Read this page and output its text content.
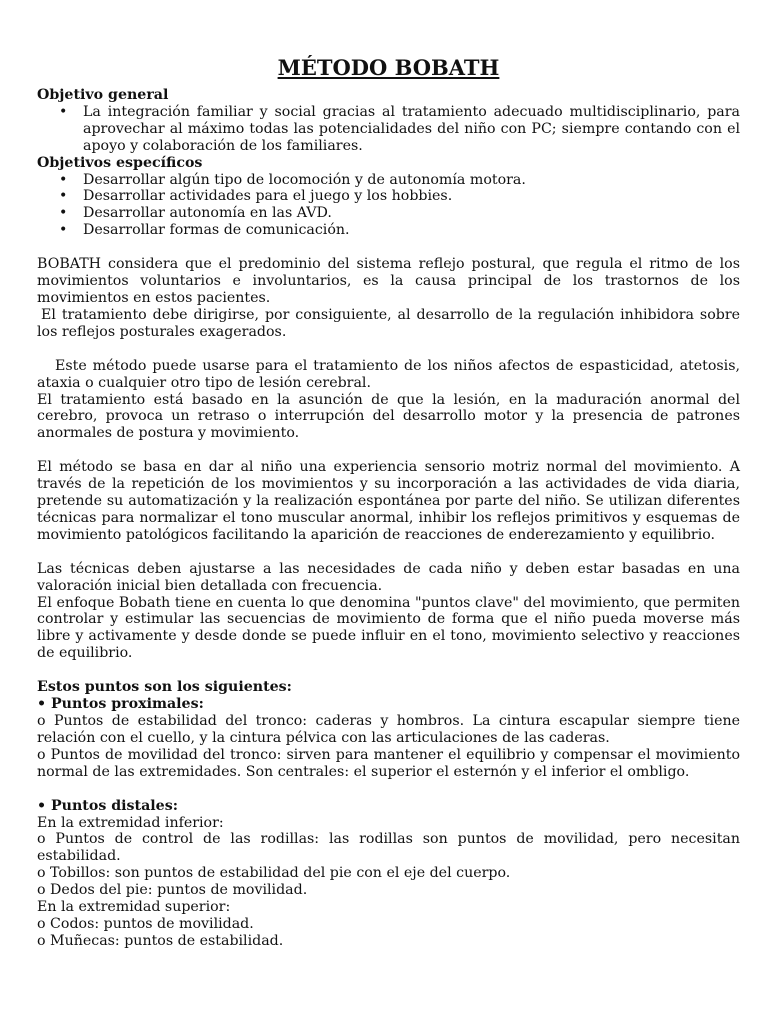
MÉTODO BOBATH
Objetivo general
• La integración familiar y social gracias al tratamiento adecuado multidisciplinario, para aprovechar al máximo todas las potencialidades del niño con PC; siempre contando con el apoyo y colaboración de los familiares.
Objetivos específicos
• Desarrollar algún tipo de locomoción y de autonomía motora.
• Desarrollar actividades para el juego y los hobbies.
• Desarrollar autonomía en las AVD.
• Desarrollar formas de comunicación.

BOBATH considera que el predominio del sistema reflejo postural, que regula el ritmo de los movimientos voluntarios e involuntarios, es la causa principal de los trastornos de los movimientos en estos pacientes.

El tratamiento debe dirigirse, por consiguiente, al desarrollo de la regulación inhibidora sobre los reflejos posturales exagerados.

Este método puede usarse para el tratamiento de los niños afectos de espasticidad, atetosis, ataxia o cualquier otro tipo de lesión cerebral.

El tratamiento está basado en la asunción de que la lesión, en la maduración anormal del cerebro, provoca un retraso o interrupción del desarrollo motor y la presencia de patrones anormales de postura y movimiento.

El método se basa en dar al niño una experiencia sensorio motriz normal del movimiento. A través de la repetición de los movimientos y su incorporación a las actividades de vida diaria, pretende su automatización y la realización espontánea por parte del niño. Se utilizan diferentes técnicas para normalizar el tono muscular anormal, inhibir los reflejos primitivos y esquemas de movimiento patológicos facilitando la aparición de reacciones de enderezamiento y equilibrio.

Las técnicas deben ajustarse a las necesidades de cada niño y deben estar basadas en una valoración inicial bien detallada con frecuencia.

El enfoque Bobath tiene en cuenta lo que denomina "puntos clave" del movimiento, que permiten controlar y estimular las secuencias de movimiento de forma que el niño pueda moverse más libre y activamente y desde donde se puede influir en el tono, movimiento selectivo y reacciones de equilibrio.

Estos puntos son los siguientes:
• Puntos proximales:

o Puntos de estabilidad del tronco: caderas y hombros. La cintura escapular siempre tiene relación con el cuello, y la cintura pélvica con las articulaciones de las caderas.

o Puntos de movilidad del tronco: sirven para mantener el equilibrio y compensar el movimiento normal de las extremidades. Son centrales: el superior el esternón y el inferior el ombligo.

• Puntos distales:

En la extremidad inferior:

o Puntos de control de las rodillas: las rodillas son puntos de movilidad, pero necesitan estabilidad.

o Tobillos: son puntos de estabilidad del pie con el eje del cuerpo.

o Dedos del pie: puntos de movilidad.

En la extremidad superior:

o Codos: puntos de movilidad.

o Muñecas: puntos de estabilidad.
